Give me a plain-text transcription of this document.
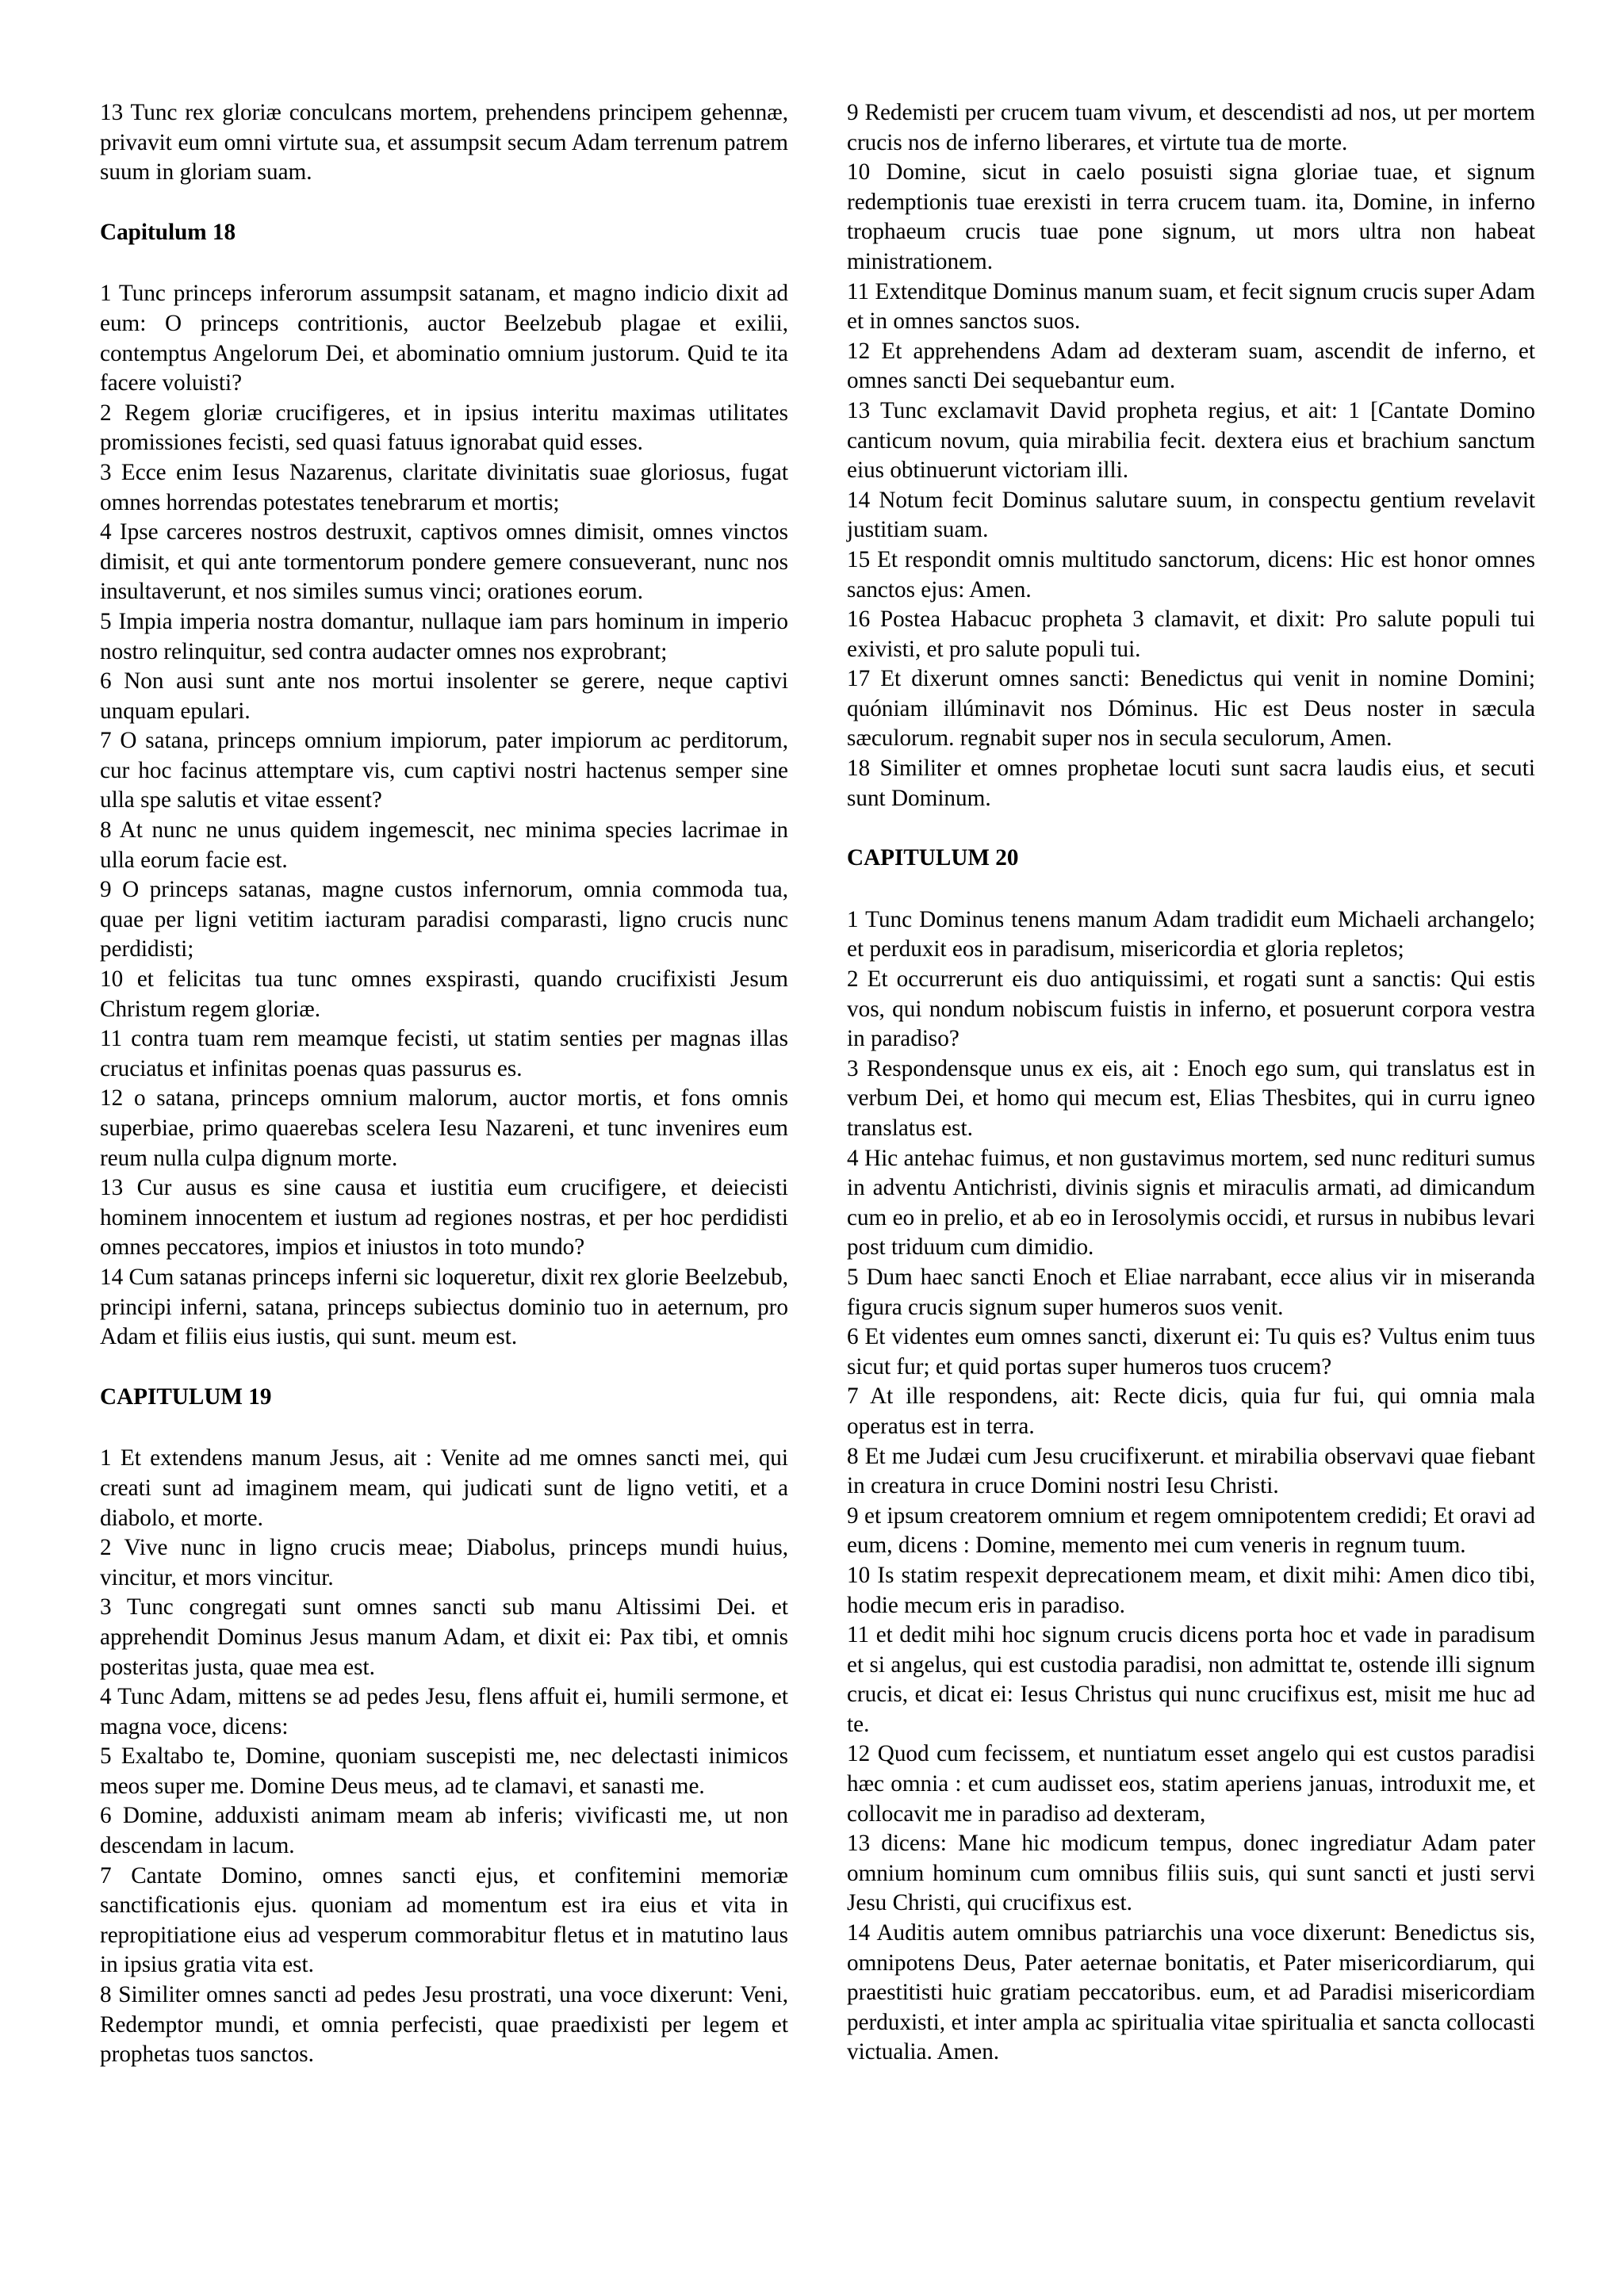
13 Tunc rex gloriæ conculcans mortem, prehendens principem gehennæ, privavit eum omni virtute sua, et assumpsit secum Adam terrenum patrem suum in gloriam suam.

Capitulum 18

1 Tunc princeps inferorum assumpsit satanam, et magno indicio dixit ad eum: O princeps contritionis, auctor Beelzebub plagae et exilii, contemptus Angelorum Dei, et abominatio omnium justorum. Quid te ita facere voluisti?

2 Regem gloriæ crucifigeres, et in ipsius interitu maximas utilitates promissiones fecisti, sed quasi fatuus ignorabat quid esses.

3 Ecce enim Iesus Nazarenus, claritate divinitatis suae gloriosus, fugat omnes horrendas potestates tenebrarum et mortis;

4 Ipse carceres nostros destruxit, captivos omnes dimisit, omnes vinctos dimisit, et qui ante tormentorum pondere gemere consueverant, nunc nos insultaverunt, et nos similes sumus vinci; orationes eorum.

5 Impia imperia nostra domantur, nullaque iam pars hominum in imperio nostro relinquitur, sed contra audacter omnes nos exprobrant;

6 Non ausi sunt ante nos mortui insolenter se gerere, neque captivi unquam epulari.

7 O satana, princeps omnium impiorum, pater impiorum ac perditorum, cur hoc facinus attemptare vis, cum captivi nostri hactenus semper sine ulla spe salutis et vitae essent?

8 At nunc ne unus quidem ingemescit, nec minima species lacrimae in ulla eorum facie est.

9 O princeps satanas, magne custos infernorum, omnia commoda tua, quae per ligni vetitim iacturam paradisi comparasti, ligno crucis nunc perdidisti;

10 et felicitas tua tunc omnes exspirasti, quando crucifixisti Jesum Christum regem gloriæ.

11 contra tuam rem meamque fecisti, ut statim senties per magnas illas cruciatus et infinitas poenas quas passurus es.

12 o satana, princeps omnium malorum, auctor mortis, et fons omnis superbiae, primo quaerebas scelera Iesu Nazareni, et tunc invenires eum reum nulla culpa dignum morte.

13 Cur ausus es sine causa et iustitia eum crucifigere, et deiecisti hominem innocentem et iustum ad regiones nostras, et per hoc perdidisti omnes peccatores, impios et iniustos in toto mundo?

14 Cum satanas princeps inferni sic loqueretur, dixit rex glorie Beelzebub, principi inferni, satana, princeps subiectus dominio tuo in aeternum, pro Adam et filiis eius iustis, qui sunt. meum est.

CAPITULUM 19

1 Et extendens manum Jesus, ait : Venite ad me omnes sancti mei, qui creati sunt ad imaginem meam, qui judicati sunt de ligno vetiti, et a diabolo, et morte.

2 Vive nunc in ligno crucis meae; Diabolus, princeps mundi huius, vincitur, et mors vincitur.

3 Tunc congregati sunt omnes sancti sub manu Altissimi Dei. et apprehendit Dominus Jesus manum Adam, et dixit ei: Pax tibi, et omnis posteritas justa, quae mea est.

4 Tunc Adam, mittens se ad pedes Jesu, flens affuit ei, humili sermone, et magna voce, dicens:

5 Exaltabo te, Domine, quoniam suscepisti me, nec delectasti inimicos meos super me. Domine Deus meus, ad te clamavi, et sanasti me.

6 Domine, adduxisti animam meam ab inferis; vivificasti me, ut non descendam in lacum.

7 Cantate Domino, omnes sancti ejus, et confitemini memoriæ sanctificationis ejus. quoniam ad momentum est ira eius et vita in repropitiatione eius ad vesperum commorabitur fletus et in matutino laus in ipsius gratia vita est.

8 Similiter omnes sancti ad pedes Jesu prostrati, una voce dixerunt: Veni, Redemptor mundi, et omnia perfecisti, quae praedixisti per legem et prophetas tuos sanctos.

9 Redemisti per crucem tuam vivum, et descendisti ad nos, ut per mortem crucis nos de inferno liberares, et virtute tua de morte.

10 Domine, sicut in caelo posuisti signa gloriae tuae, et signum redemptionis tuae erexisti in terra crucem tuam. ita, Domine, in inferno trophaeum crucis tuae pone signum, ut mors ultra non habeat ministrationem.

11 Extenditque Dominus manum suam, et fecit signum crucis super Adam et in omnes sanctos suos.

12 Et apprehendens Adam ad dexteram suam, ascendit de inferno, et omnes sancti Dei sequebantur eum.

13 Tunc exclamavit David propheta regius, et ait: 1 [Cantate Domino canticum novum, quia mirabilia fecit. dextera eius et brachium sanctum eius obtinuerunt victoriam illi.

14 Notum fecit Dominus salutare suum, in conspectu gentium revelavit justitiam suam.

15 Et respondit omnis multitudo sanctorum, dicens: Hic est honor omnes sanctos ejus: Amen.

16 Postea Habacuc propheta 3 clamavit, et dixit: Pro salute populi tui exivisti, et pro salute populi tui.

17 Et dixerunt omnes sancti: Benedictus qui venit in nomine Domini; quóniam illúminavit nos Dóminus. Hic est Deus noster in sæcula sæculorum. regnabit super nos in secula seculorum, Amen.

18 Similiter et omnes prophetae locuti sunt sacra laudis eius, et secuti sunt Dominum.

CAPITULUM 20

1 Tunc Dominus tenens manum Adam tradidit eum Michaeli archangelo; et perduxit eos in paradisum, misericordia et gloria repletos;

2 Et occurrerunt eis duo antiquissimi, et rogati sunt a sanctis: Qui estis vos, qui nondum nobiscum fuistis in inferno, et posuerunt corpora vestra in paradiso?

3 Respondensque unus ex eis, ait : Enoch ego sum, qui translatus est in verbum Dei, et homo qui mecum est, Elias Thesbites, qui in curru igneo translatus est.

4 Hic antehac fuimus, et non gustavimus mortem, sed nunc redituri sumus in adventu Antichristi, divinis signis et miraculis armati, ad dimicandum cum eo in prelio, et ab eo in Ierosolymis occidi, et rursus in nubibus levari post triduum cum dimidio.

5 Dum haec sancti Enoch et Eliae narrabant, ecce alius vir in miseranda figura crucis signum super humeros suos venit.

6 Et videntes eum omnes sancti, dixerunt ei: Tu quis es? Vultus enim tuus sicut fur; et quid portas super humeros tuos crucem?

7 At ille respondens, ait: Recte dicis, quia fur fui, qui omnia mala operatus est in terra.

8 Et me Judæi cum Jesu crucifixerunt. et mirabilia observavi quae fiebant in creatura in cruce Domini nostri Iesu Christi.

9 et ipsum creatorem omnium et regem omnipotentem credidi; Et oravi ad eum, dicens : Domine, memento mei cum veneris in regnum tuum.

10 Is statim respexit deprecationem meam, et dixit mihi: Amen dico tibi, hodie mecum eris in paradiso.

11 et dedit mihi hoc signum crucis dicens porta hoc et vade in paradisum et si angelus, qui est custodia paradisi, non admittat te, ostende illi signum crucis, et dicat ei: Iesus Christus qui nunc crucifixus est, misit me huc ad te.

12 Quod cum fecissem, et nuntiatum esset angelo qui est custos paradisi hæc omnia : et cum audisset eos, statim aperiens januas, introduxit me, et collocavit me in paradiso ad dexteram,

13 dicens: Mane hic modicum tempus, donec ingrediatur Adam pater omnium hominum cum omnibus filiis suis, qui sunt sancti et justi servi Jesu Christi, qui crucifixus est.

14 Auditis autem omnibus patriarchis una voce dixerunt: Benedictus sis, omnipotens Deus, Pater aeternae bonitatis, et Pater misericordiarum, qui praestitisti huic gratiam peccatoribus. eum, et ad Paradisi misericordiam perduxisti, et inter ampla ac spiritualia vitae spiritualia et sancta collocasti victualia. Amen.
